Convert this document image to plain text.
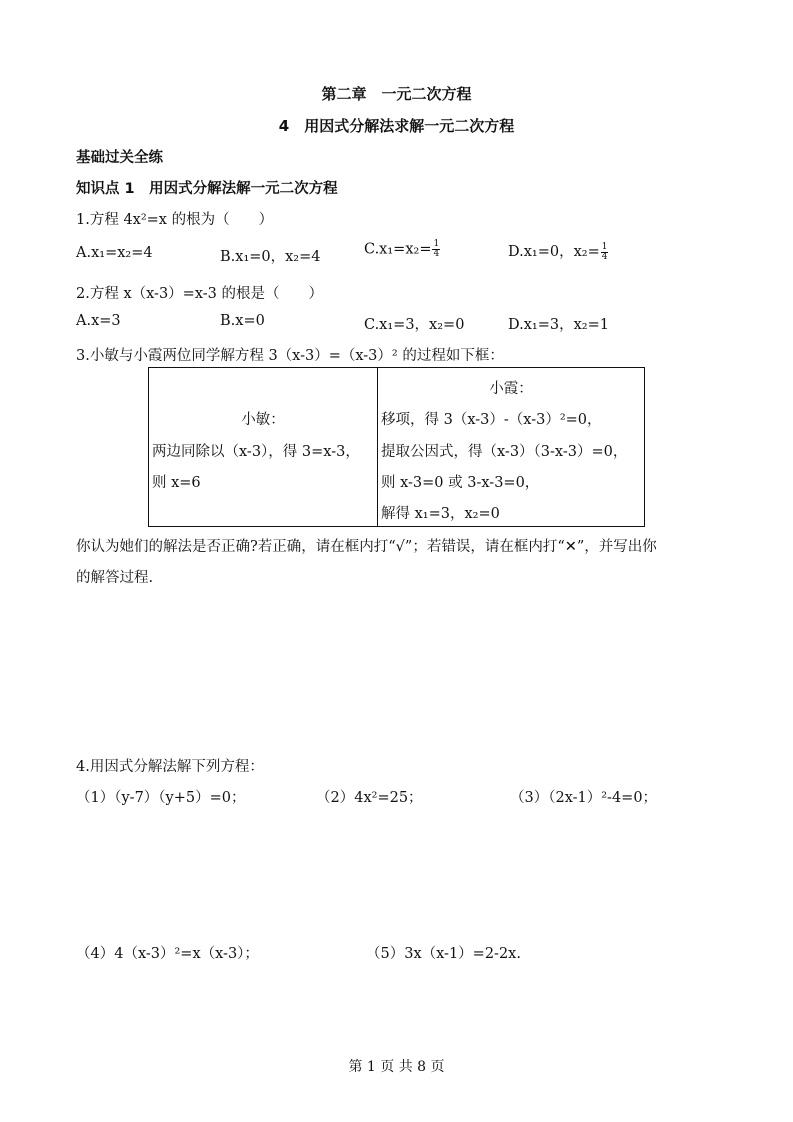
第二章　一元二次方程
4　用因式分解法求解一元二次方程
基础过关全练
知识点 1　用因式分解法解一元二次方程
1.方程 4x²=x 的根为（　　）
A.x₁=x₂=4	B.x₁=0，x₂=4	$C.x_1=x_2= \frac{1}{4}$	D.x₁=0，$x_2= \frac{1}{4}$
2.方程 x（x-3）=x-3 的根是（　　）
A.x=3	B.x=0	C.x₁=3，x₂=0	D.x₁=3，x₂=1
3.小敏与小霞两位同学解方程 3（x-3）=（x-3）² 的过程如下框：
小敏：
两边同除以（x-3），得 3=x-3，
则 x=6
小霞：
移项，得 3（x-3）-（x-3）²=0，
提取公因式，得（x-3）（3-x-3）=0，
则 x-3=0 或 3-x-3=0，
解得 x₁=3，x₂=0
你认为她们的解法是否正确?若正确，请在框内打“√”；若错误，请在框内打“✕”，并写出你
的解答过程.
4.用因式分解法解下列方程：
（1）（y-7）（y+5）=0；	（2）4x²=25；	（3）（2x-1）²-4=0；
（4）4（x-3）²=x（x-3）；	（5）3x（x-1）=2-2x.
第 1 页 共 8 页
